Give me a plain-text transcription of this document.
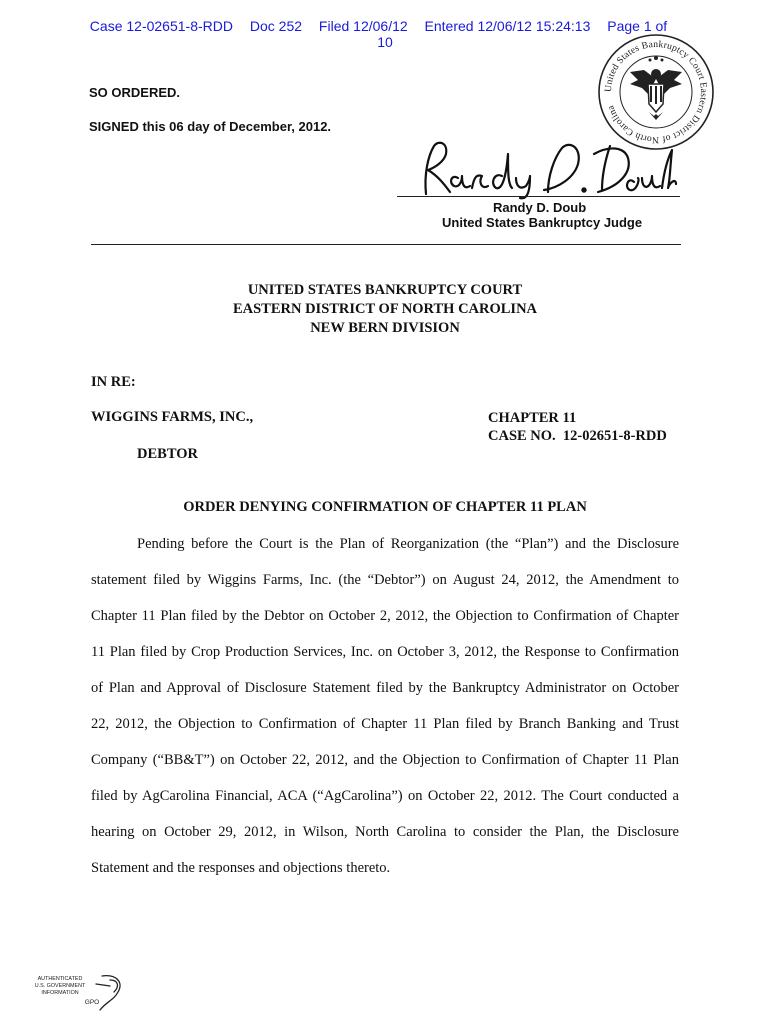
Case 12-02651-8-RDD Doc 252 Filed 12/06/12 Entered 12/06/12 15:24:13 Page 1 of
10
United States Bankruptcy Court Eastern District of North Carolina
SO ORDERED.
SIGNED this 06 day of December, 2012.
Randy D. Doub
United States Bankruptcy Judge
UNITED STATES BANKRUPTCY COURT
EASTERN DISTRICT OF NORTH CAROLINA
NEW BERN DIVISION
IN RE:
WIGGINS FARMS, INC.,	CHAPTER 11
CASE NO.  12-02651-8-RDD
DEBTOR
ORDER DENYING CONFIRMATION OF CHAPTER 11 PLAN
Pending before the Court is the Plan of Reorganization (the “Plan”) and the Disclosure
statement filed by Wiggins Farms, Inc. (the “Debtor”) on August 24, 2012, the Amendment to
Chapter 11 Plan filed by the Debtor on October 2, 2012, the Objection to Confirmation of Chapter
11 Plan filed by Crop Production Services, Inc. on October 3, 2012, the Response to Confirmation
of Plan and Approval of Disclosure Statement filed by the Bankruptcy Administrator on October
22, 2012, the Objection to Confirmation of Chapter 11 Plan filed by Branch Banking and Trust
Company (“BB&T”) on October 22, 2012, and the Objection to Confirmation of Chapter 11 Plan
filed by AgCarolina Financial, ACA (“AgCarolina”) on October 22, 2012. The Court conducted a
hearing on October 29, 2012, in Wilson, North Carolina to consider the Plan, the Disclosure
Statement and the responses and objections thereto.
AUTHENTICATED
U.S. GOVERNMENT
INFORMATION
GPO
